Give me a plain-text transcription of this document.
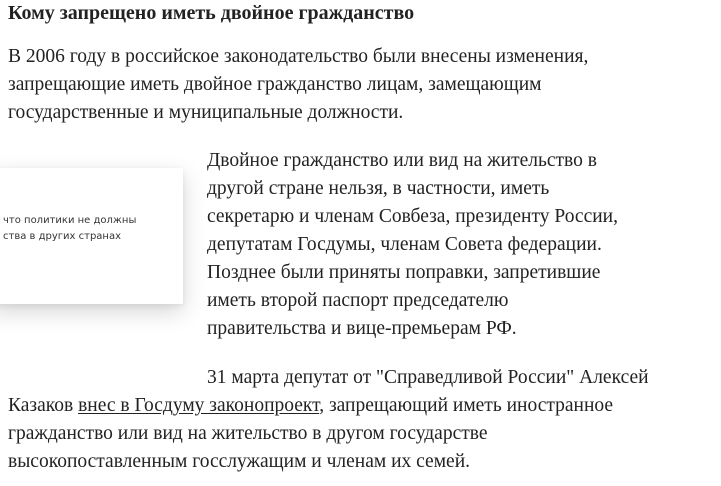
Кому запрещено иметь двойное гражданство

В 2006 году в российское законодательство были внесены изменения,
запрещающие иметь двойное гражданство лицам, замещающим
государственные и муниципальные должности.

что политики не должны
ства в других странах

Двойное гражданство или вид на жительство в
другой стране нельзя, в частности, иметь
секретарю и членам Совбеза, президенту России,
депутатам Госдумы, членам Совета федерации.
Позднее были приняты поправки, запретившие
иметь второй паспорт председателю
правительства и вице-премьерам РФ.

31 марта депутат от "Справедливой России" Алексей
Казаков внес в Госдуму законопроект, запрещающий иметь иностранное
гражданство или вид на жительство в другом государстве
высокопоставленным госслужащим и членам их семей.
